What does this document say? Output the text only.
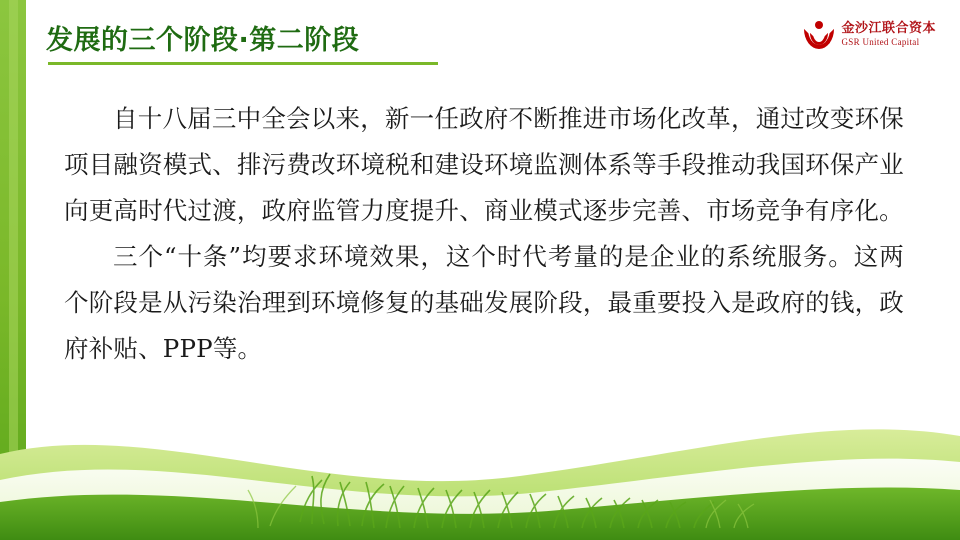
发展的三个阶段·第二阶段	金沙江联合资本
GSR United Capital

自十八届三中全会以来，新一任政府不断推进市场化改革，通过改变环保项目融资模式、排污费改环境税和建设环境监测体系等手段推动我国环保产业向更高时代过渡，政府监管力度提升、商业模式逐步完善、市场竞争有序化。

三个“十条”均要求环境效果，这个时代考量的是企业的系统服务。这两个阶段是从污染治理到环境修复的基础发展阶段，最重要投入是政府的钱，政府补贴、PPP等。
